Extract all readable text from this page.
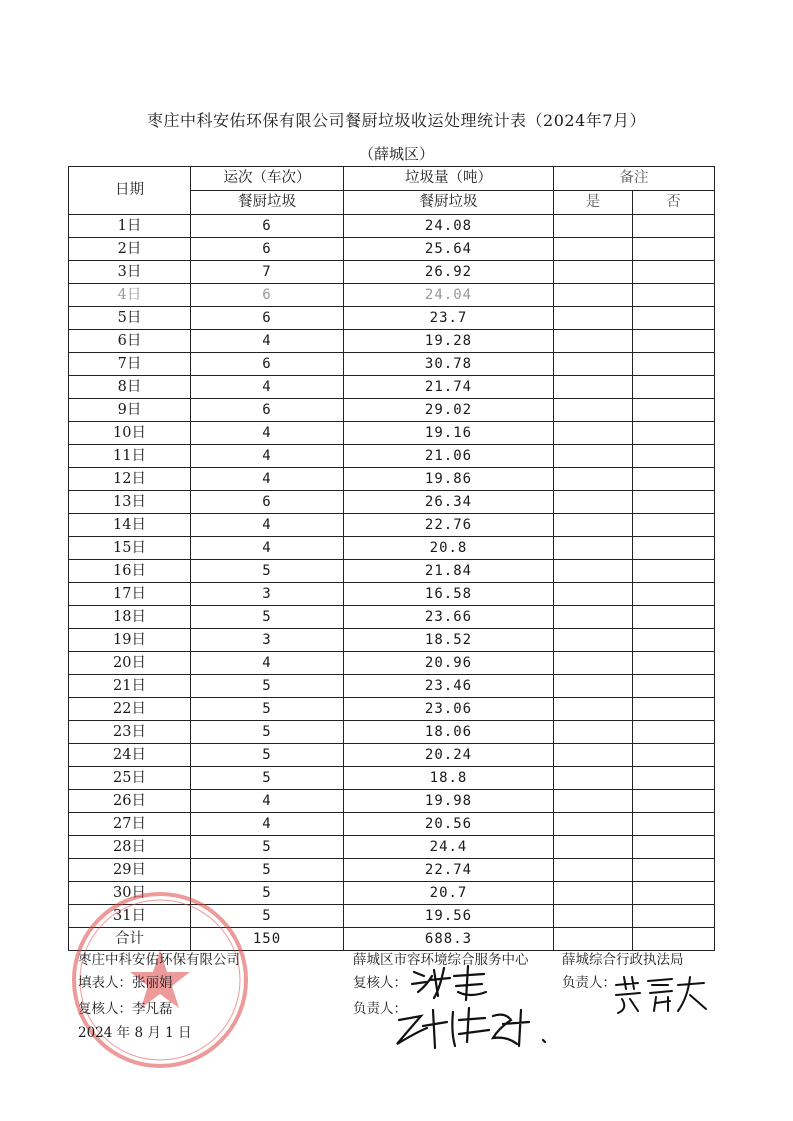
枣庄中科安佑环保有限公司餐厨垃圾收运处理统计表（2024年7月）
（薛城区）
日期	运次（车次）	垃圾量（吨）	备注	
	餐厨垃圾	餐厨垃圾	是	否
1日	6	24.08		
2日	6	25.64		
3日	7	26.92		
4日	6	24.04		
5日	6	23.7		
6日	4	19.28		
7日	6	30.78		
8日	4	21.74		
9日	6	29.02		
10日	4	19.16		
11日	4	21.06		
12日	4	19.86		
13日	6	26.34		
14日	4	22.76		
15日	4	20.8		
16日	5	21.84		
17日	3	16.58		
18日	5	23.66		
19日	3	18.52		
20日	4	20.96		
21日	5	23.46		
22日	5	23.06		
23日	5	18.06		
24日	5	20.24		
25日	5	18.8		
26日	4	19.98		
27日	4	20.56		
28日	5	24.4		
29日	5	22.74		
30日	5	20.7		
31日	5	19.56		
合计	150	688.3		
枣庄中科安佑环保有限公司
填表人：张丽娟
复核人：李凡磊
2024 年 8 月 1 日
薛城区市容环境综合服务中心
复核人：
负责人：
薛城综合行政执法局
负责人：
